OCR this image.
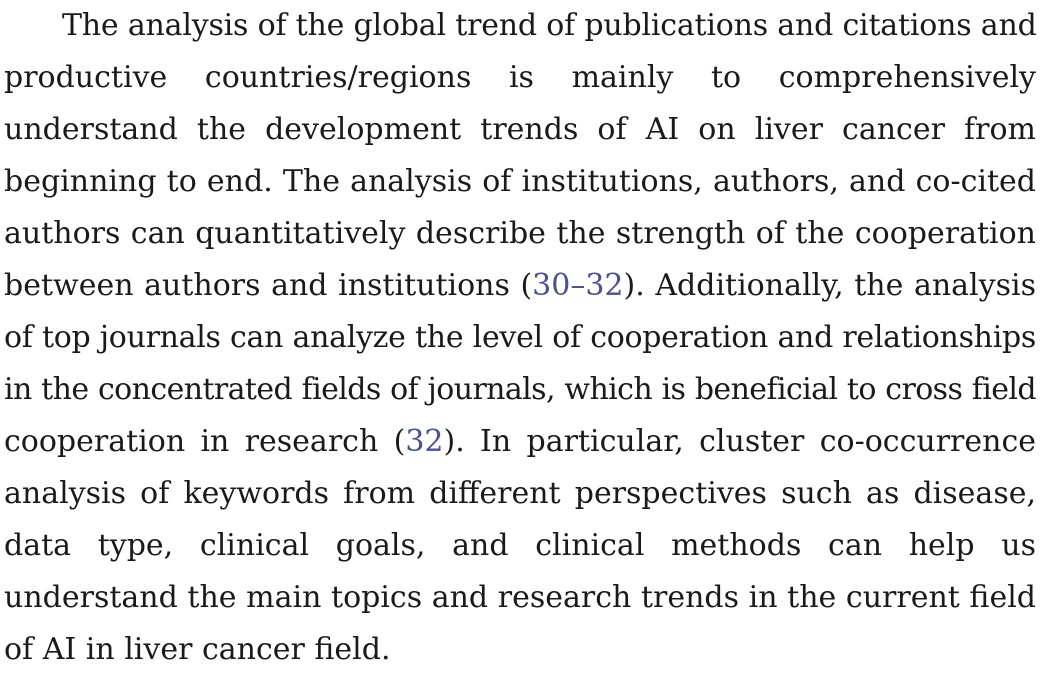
The analysis of the global trend of publications and citations and
productive countries/regions is mainly to comprehensively
understand the development trends of AI on liver cancer from
beginning to end. The analysis of institutions, authors, and co-cited
authors can quantitatively describe the strength of the cooperation
between authors and institutions (30–32). Additionally, the analysis
of top journals can analyze the level of cooperation and relationships
in the concentrated fields of journals, which is beneficial to cross field
cooperation in research (32). In particular, cluster co-occurrence
analysis of keywords from different perspectives such as disease,
data type, clinical goals, and clinical methods can help us
understand the main topics and research trends in the current field
of AI in liver cancer field.
